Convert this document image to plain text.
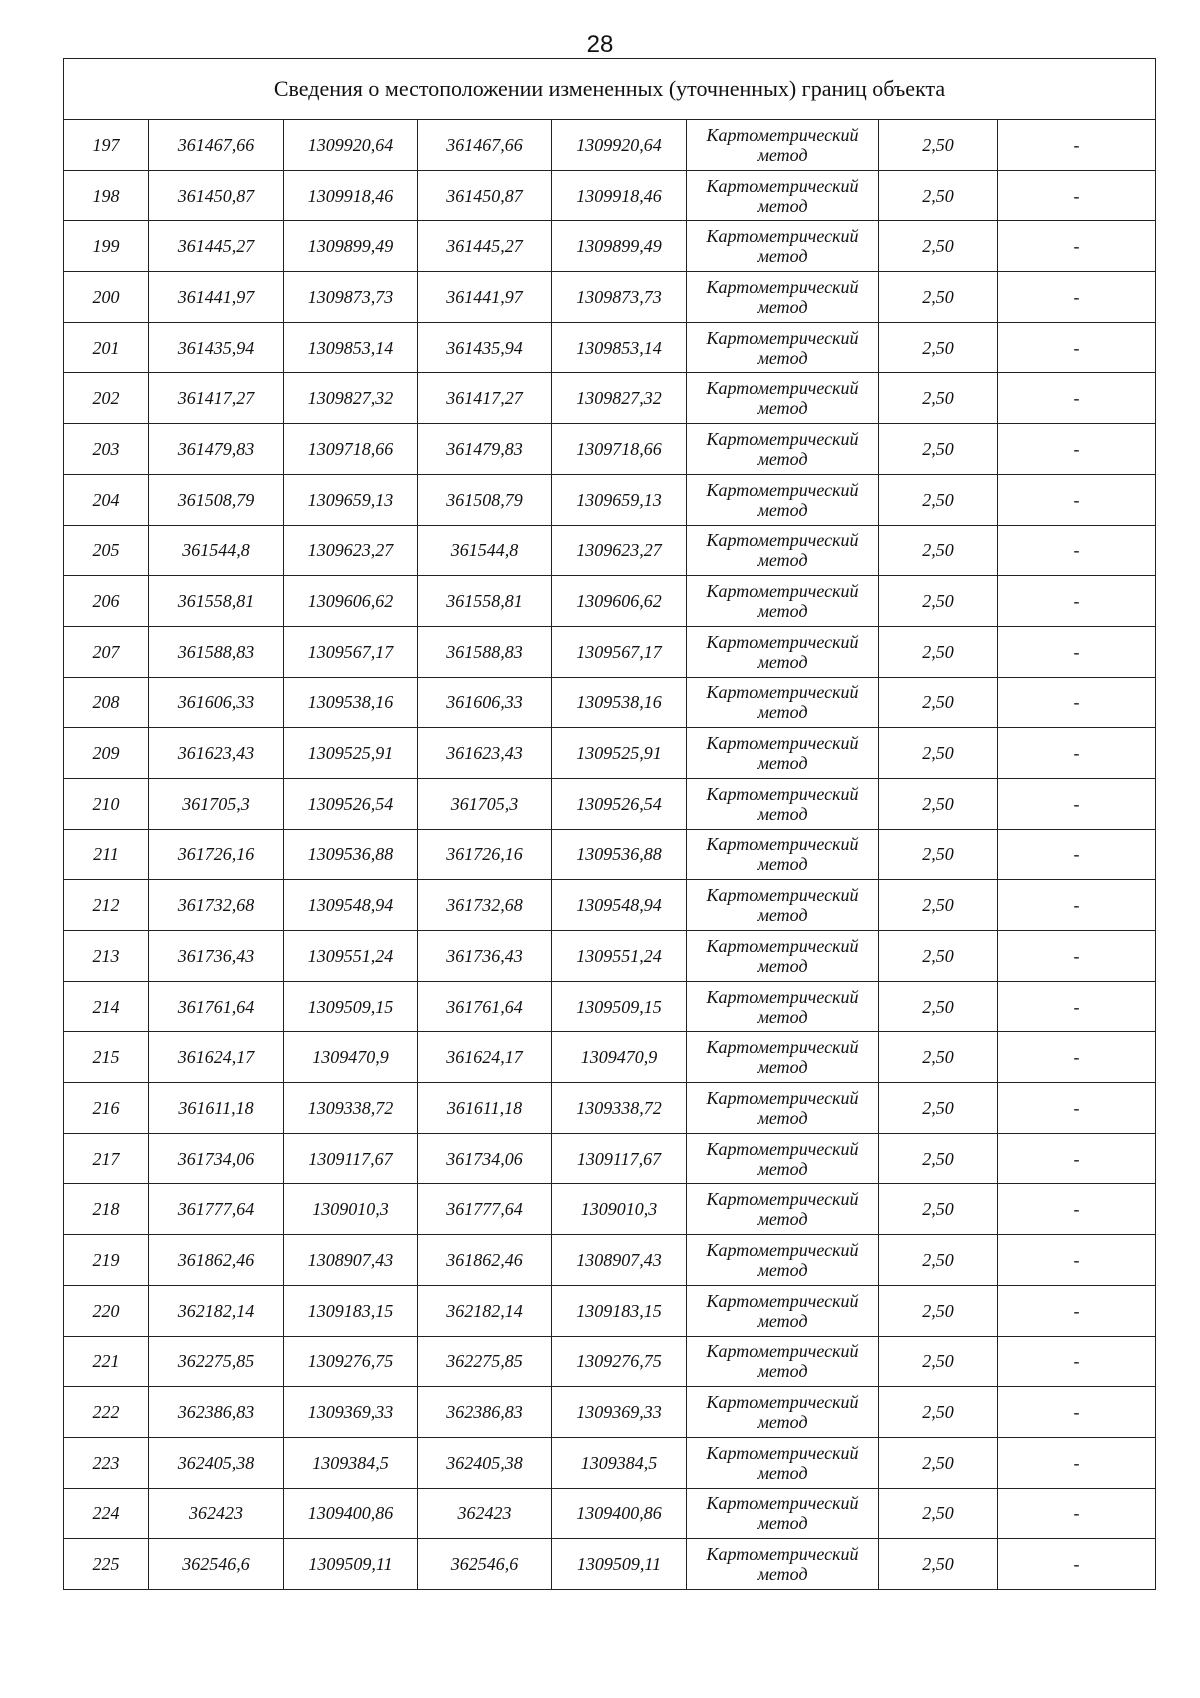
28
Сведения о местоположении измененных (уточненных) границ объекта							
197	361467,66	1309920,64	361467,66	1309920,64	Картометрический
метод	2,50	-
198	361450,87	1309918,46	361450,87	1309918,46	Картометрический
метод	2,50	-
199	361445,27	1309899,49	361445,27	1309899,49	Картометрический
метод	2,50	-
200	361441,97	1309873,73	361441,97	1309873,73	Картометрический
метод	2,50	-
201	361435,94	1309853,14	361435,94	1309853,14	Картометрический
метод	2,50	-
202	361417,27	1309827,32	361417,27	1309827,32	Картометрический
метод	2,50	-
203	361479,83	1309718,66	361479,83	1309718,66	Картометрический
метод	2,50	-
204	361508,79	1309659,13	361508,79	1309659,13	Картометрический
метод	2,50	-
205	361544,8	1309623,27	361544,8	1309623,27	Картометрический
метод	2,50	-
206	361558,81	1309606,62	361558,81	1309606,62	Картометрический
метод	2,50	-
207	361588,83	1309567,17	361588,83	1309567,17	Картометрический
метод	2,50	-
208	361606,33	1309538,16	361606,33	1309538,16	Картометрический
метод	2,50	-
209	361623,43	1309525,91	361623,43	1309525,91	Картометрический
метод	2,50	-
210	361705,3	1309526,54	361705,3	1309526,54	Картометрический
метод	2,50	-
211	361726,16	1309536,88	361726,16	1309536,88	Картометрический
метод	2,50	-
212	361732,68	1309548,94	361732,68	1309548,94	Картометрический
метод	2,50	-
213	361736,43	1309551,24	361736,43	1309551,24	Картометрический
метод	2,50	-
214	361761,64	1309509,15	361761,64	1309509,15	Картометрический
метод	2,50	-
215	361624,17	1309470,9	361624,17	1309470,9	Картометрический
метод	2,50	-
216	361611,18	1309338,72	361611,18	1309338,72	Картометрический
метод	2,50	-
217	361734,06	1309117,67	361734,06	1309117,67	Картометрический
метод	2,50	-
218	361777,64	1309010,3	361777,64	1309010,3	Картометрический
метод	2,50	-
219	361862,46	1308907,43	361862,46	1308907,43	Картометрический
метод	2,50	-
220	362182,14	1309183,15	362182,14	1309183,15	Картометрический
метод	2,50	-
221	362275,85	1309276,75	362275,85	1309276,75	Картометрический
метод	2,50	-
222	362386,83	1309369,33	362386,83	1309369,33	Картометрический
метод	2,50	-
223	362405,38	1309384,5	362405,38	1309384,5	Картометрический
метод	2,50	-
224	362423	1309400,86	362423	1309400,86	Картометрический
метод	2,50	-
225	362546,6	1309509,11	362546,6	1309509,11	Картометрический
метод	2,50	-
